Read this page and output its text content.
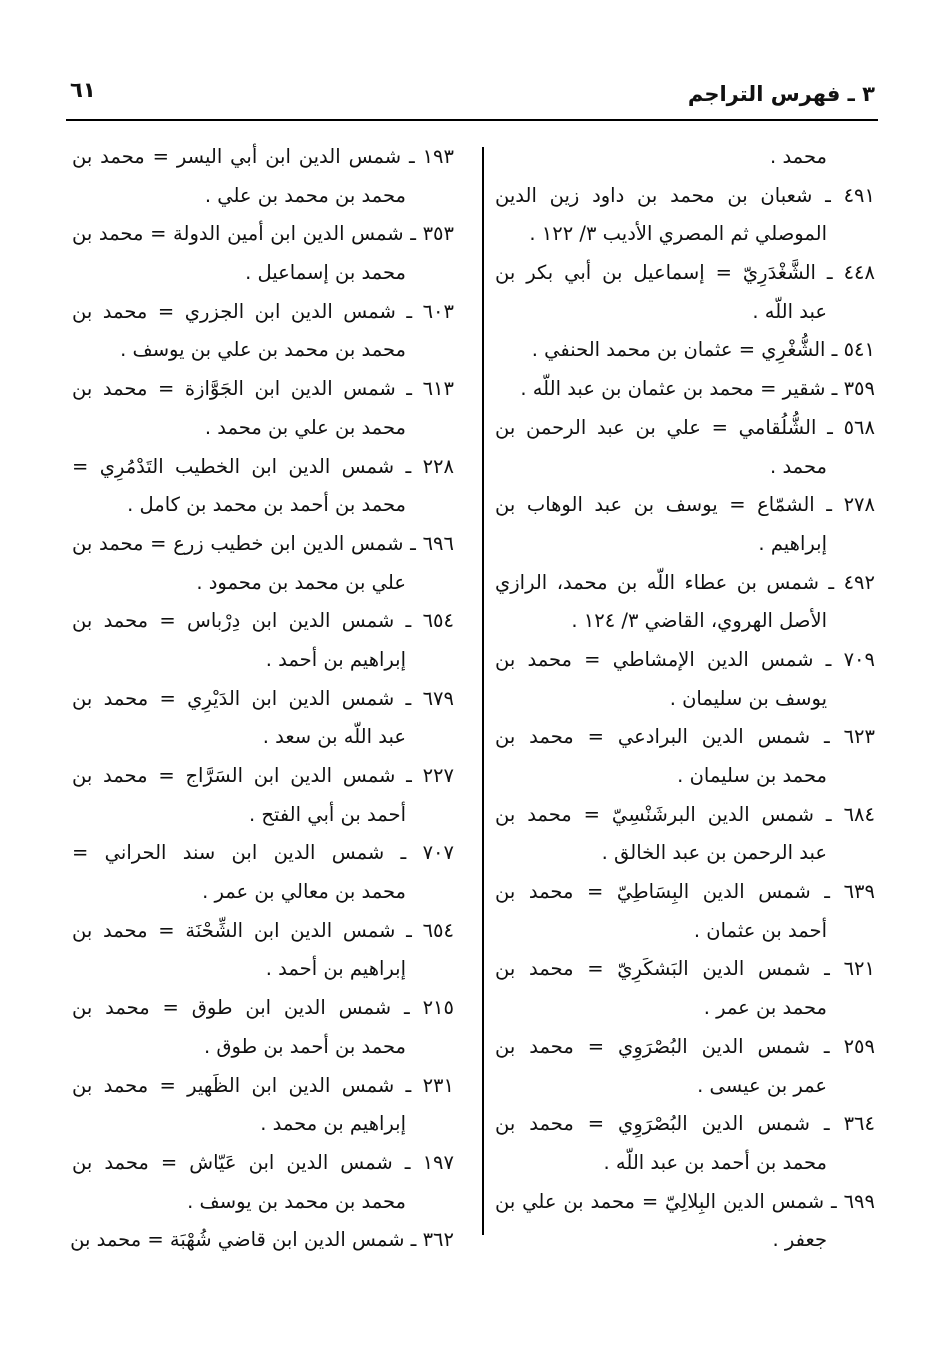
٣ ـ فهرس التراجم
٦١
محمد .
٤٩١ ـ شعبان بن محمد بن داود زين الدين
الموصلي ثم المصري الأديب ٣/ ١٢٢ .
٤٤٨ ـ الشَّغْدَرِيّ = إسماعيل بن أبي بكر بن
عبد اللّه .
٥٤١ ـ الشُّغْرِي = عثمان بن محمد الحنفي .
٣٥٩ ـ شقير = محمد بن عثمان بن عبد اللّه .
٥٦٨ ـ الشُّلُقامي = علي بن عبد الرحمن بن
محمد .
٢٧٨ ـ الشمّاع = يوسف بن عبد الوهاب بن
إبراهيم .
٤٩٢ ـ شمس بن عطاء اللّه بن محمد، الرازي
الأصل الهروي، القاضي ٣/ ١٢٤ .
٧٠٩ ـ شمس الدين الإمشاطي = محمد بن
يوسف بن سليمان .
٦٢٣ ـ شمس الدين البرادعي = محمد بن
محمد بن سليمان .
٦٨٤ ـ شمس الدين البرشَنْسِيّ = محمد بن
عبد الرحمن بن عبد الخالق .
٦٣٩ ـ شمس الدين البِسَاطِيّ = محمد بن
أحمد بن عثمان .
٦٢١ ـ شمس الدين البَشكَرِيّ = محمد بن
محمد بن عمر .
٢٥٩ ـ شمس الدين البُصْرَوِي = محمد بن
عمر بن عيسى .
٣٦٤ ـ شمس الدين البُصْرَوِي = محمد بن
محمد بن أحمد بن عبد اللّه .
٦٩٩ ـ شمس الدين البِلالِيّ = محمد بن علي بن
جعفر .
١٩٣ ـ شمس الدين ابن أبي اليسر = محمد بن
محمد بن محمد بن علي .
٣٥٣ ـ شمس الدين ابن أمين الدولة = محمد بن
محمد بن إسماعيل .
٦٠٣ ـ شمس الدين ابن الجزري = محمد بن
محمد بن محمد بن علي بن يوسف .
٦١٣ ـ شمس الدين ابن الجَوَّازة = محمد بن
محمد بن علي بن محمد .
٢٢٨ ـ شمس الدين ابن الخطيب التَدْمُرِي =
محمد بن أحمد بن محمد بن كامل .
٦٩٦ ـ شمس الدين ابن خطيب زرع = محمد بن
علي بن محمد بن محمود .
٦٥٤ ـ شمس الدين ابن دِرْباس = محمد بن
إبراهيم بن أحمد .
٦٧٩ ـ شمس الدين ابن الدَيْرِي = محمد بن
عبد اللّه بن سعد .
٢٢٧ ـ شمس الدين ابن السَرَّاج = محمد بن
أحمد بن أبي الفتح .
٧٠٧ ـ شمس الدين ابن سند الحراني =
محمد بن معالي بن عمر .
٦٥٤ ـ شمس الدين ابن الشِّحْنَة = محمد بن
إبراهيم بن أحمد .
٢١٥ ـ شمس الدين ابن طوق = محمد بن
محمد بن أحمد بن طوق .
٢٣١ ـ شمس الدين ابن الظَهير = محمد بن
إبراهيم بن محمد .
١٩٧ ـ شمس الدين ابن عَيّاش = محمد بن
محمد بن محمد بن يوسف .
٣٦٢ ـ شمس الدين ابن قاضي شُهْبَة = محمد بن
